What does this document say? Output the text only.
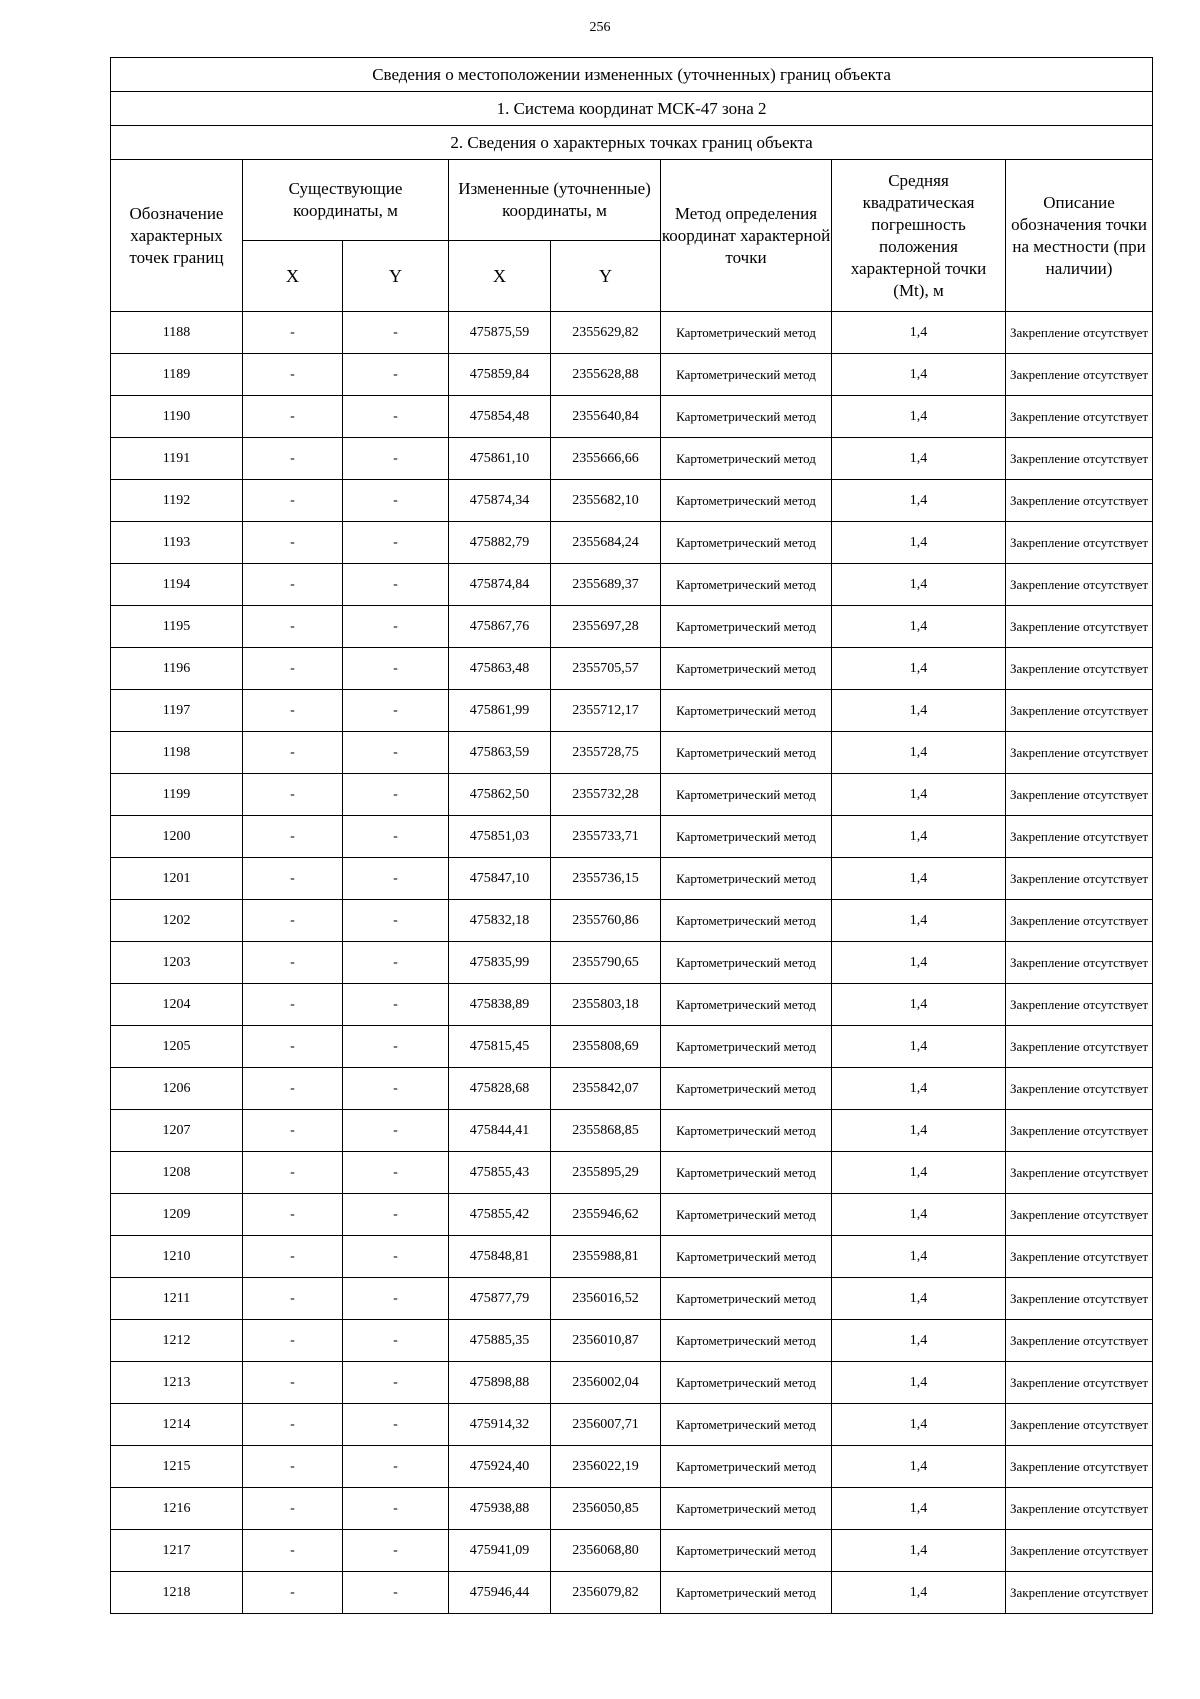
256
Сведения о местоположении измененных (уточненных) границ объекта							
1. Система координат МСК-47 зона 2							
2. Сведения о характерных точках границ объекта							
Обозначение характерных точек границ	Существующие координаты, м		Измененные (уточненные) координаты, м		Метод определения координат характерной точки	Средняя квадратическая погрешность положения характерной точки (Mt), м	Описание обозначения точки на местности (при наличии)
	X	Y	X	Y			
1188	-	-	475875,59	2355629,82	Картометрический метод	1,4	Закрепление отсутствует
1189	-	-	475859,84	2355628,88	Картометрический метод	1,4	Закрепление отсутствует
1190	-	-	475854,48	2355640,84	Картометрический метод	1,4	Закрепление отсутствует
1191	-	-	475861,10	2355666,66	Картометрический метод	1,4	Закрепление отсутствует
1192	-	-	475874,34	2355682,10	Картометрический метод	1,4	Закрепление отсутствует
1193	-	-	475882,79	2355684,24	Картометрический метод	1,4	Закрепление отсутствует
1194	-	-	475874,84	2355689,37	Картометрический метод	1,4	Закрепление отсутствует
1195	-	-	475867,76	2355697,28	Картометрический метод	1,4	Закрепление отсутствует
1196	-	-	475863,48	2355705,57	Картометрический метод	1,4	Закрепление отсутствует
1197	-	-	475861,99	2355712,17	Картометрический метод	1,4	Закрепление отсутствует
1198	-	-	475863,59	2355728,75	Картометрический метод	1,4	Закрепление отсутствует
1199	-	-	475862,50	2355732,28	Картометрический метод	1,4	Закрепление отсутствует
1200	-	-	475851,03	2355733,71	Картометрический метод	1,4	Закрепление отсутствует
1201	-	-	475847,10	2355736,15	Картометрический метод	1,4	Закрепление отсутствует
1202	-	-	475832,18	2355760,86	Картометрический метод	1,4	Закрепление отсутствует
1203	-	-	475835,99	2355790,65	Картометрический метод	1,4	Закрепление отсутствует
1204	-	-	475838,89	2355803,18	Картометрический метод	1,4	Закрепление отсутствует
1205	-	-	475815,45	2355808,69	Картометрический метод	1,4	Закрепление отсутствует
1206	-	-	475828,68	2355842,07	Картометрический метод	1,4	Закрепление отсутствует
1207	-	-	475844,41	2355868,85	Картометрический метод	1,4	Закрепление отсутствует
1208	-	-	475855,43	2355895,29	Картометрический метод	1,4	Закрепление отсутствует
1209	-	-	475855,42	2355946,62	Картометрический метод	1,4	Закрепление отсутствует
1210	-	-	475848,81	2355988,81	Картометрический метод	1,4	Закрепление отсутствует
1211	-	-	475877,79	2356016,52	Картометрический метод	1,4	Закрепление отсутствует
1212	-	-	475885,35	2356010,87	Картометрический метод	1,4	Закрепление отсутствует
1213	-	-	475898,88	2356002,04	Картометрический метод	1,4	Закрепление отсутствует
1214	-	-	475914,32	2356007,71	Картометрический метод	1,4	Закрепление отсутствует
1215	-	-	475924,40	2356022,19	Картометрический метод	1,4	Закрепление отсутствует
1216	-	-	475938,88	2356050,85	Картометрический метод	1,4	Закрепление отсутствует
1217	-	-	475941,09	2356068,80	Картометрический метод	1,4	Закрепление отсутствует
1218	-	-	475946,44	2356079,82	Картометрический метод	1,4	Закрепление отсутствует
